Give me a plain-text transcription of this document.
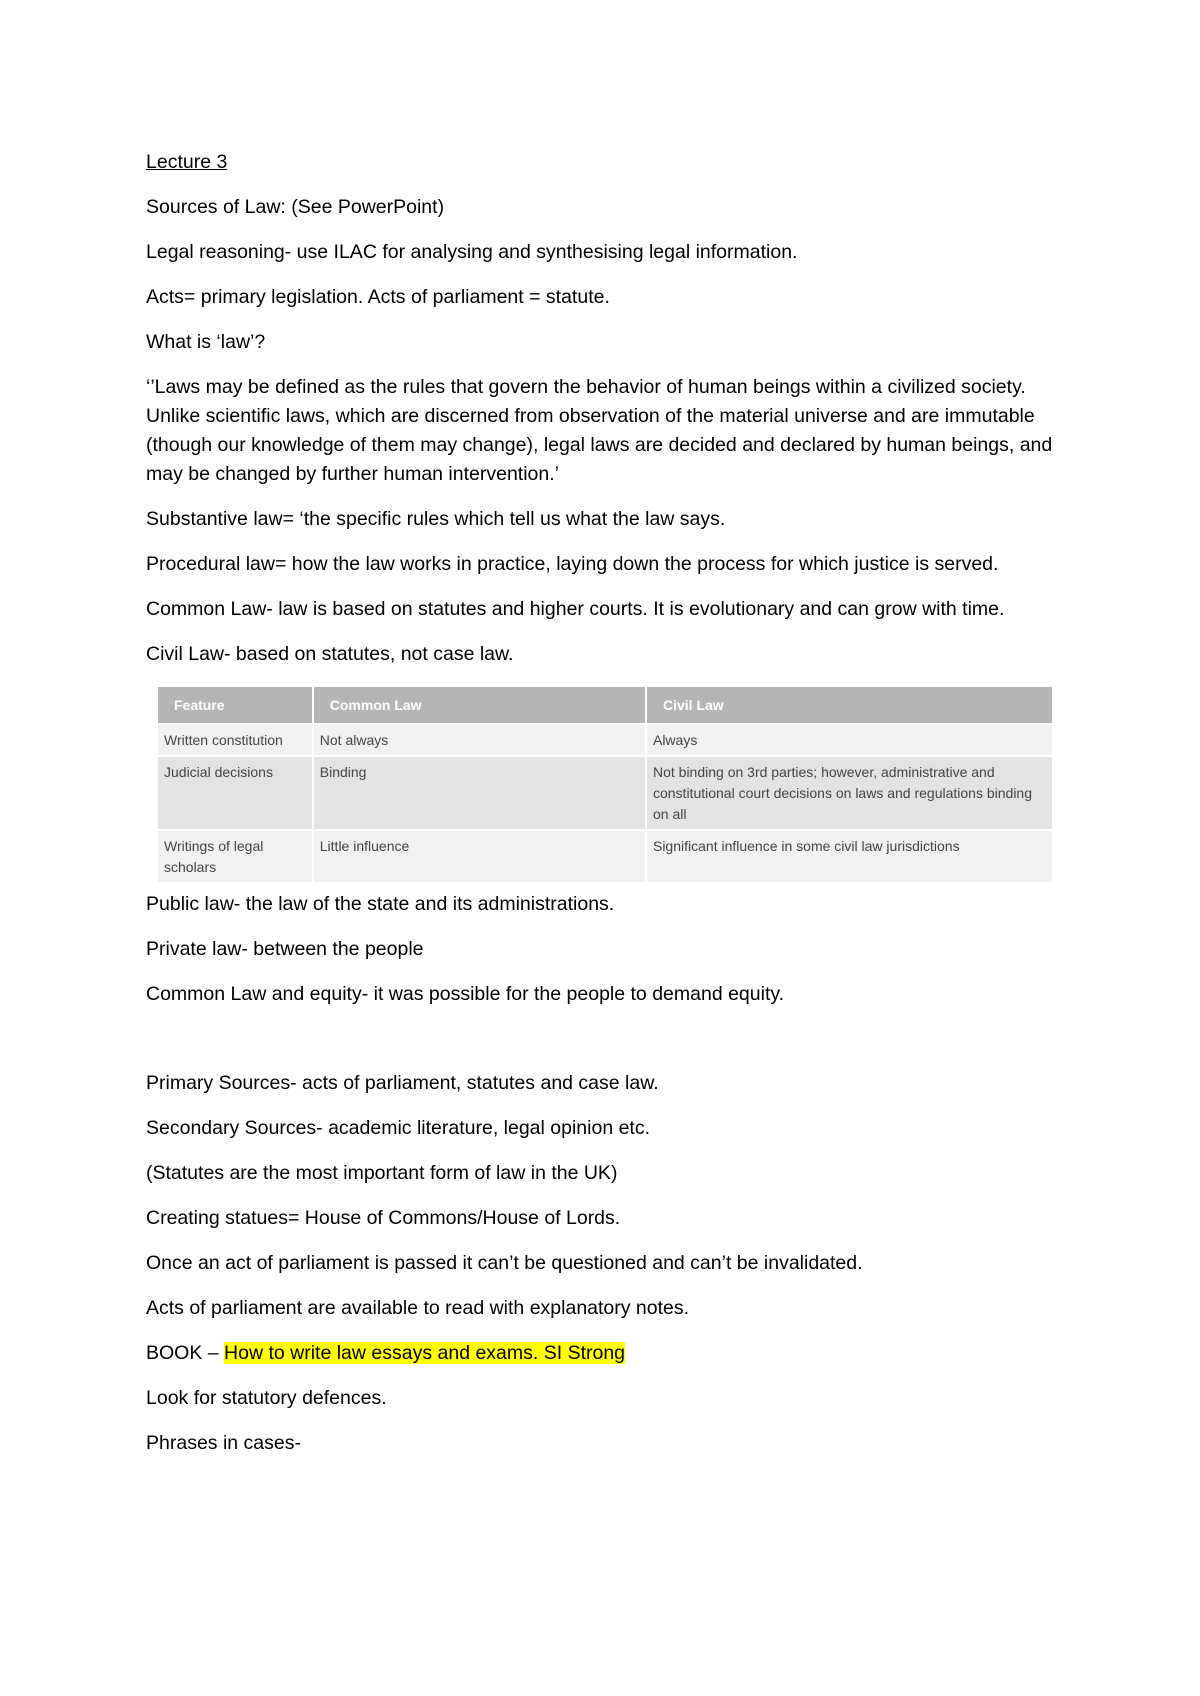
Lecture 3

Sources of Law: (See PowerPoint)

Legal reasoning- use ILAC for analysing and synthesising legal information.

Acts= primary legislation. Acts of parliament = statute.

What is ‘law’?

‘’Laws may be defined as the rules that govern the behavior of human beings within a civilized society. Unlike scientific laws, which are discerned from observation of the material universe and are immutable (though our knowledge of them may change), legal laws are decided and declared by human beings, and may be changed by further human intervention.’

Substantive law= ‘the specific rules which tell us what the law says.

Procedural law= how the law works in practice, laying down the process for which justice is served.

Common Law- law is based on statutes and higher courts. It is evolutionary and can grow with time.

Civil Law- based on statutes, not case law.

Feature	Common Law	Civil Law
Written constitution	Not always	Always
Judicial decisions	Binding	Not binding on 3rd parties; however, administrative and constitutional court decisions on laws and regulations binding on all
Writings of legal scholars	Little influence	Significant influence in some civil law jurisdictions

Public law- the law of the state and its administrations.

Private law- between the people

Common Law and equity- it was possible for the people to demand equity.

Primary Sources- acts of parliament, statutes and case law.

Secondary Sources- academic literature, legal opinion etc.

(Statutes are the most important form of law in the UK)

Creating statues= House of Commons/House of Lords.

Once an act of parliament is passed it can’t be questioned and can’t be invalidated.

Acts of parliament are available to read with explanatory notes.

BOOK – How to write law essays and exams. SI Strong

Look for statutory defences.

Phrases in cases-
